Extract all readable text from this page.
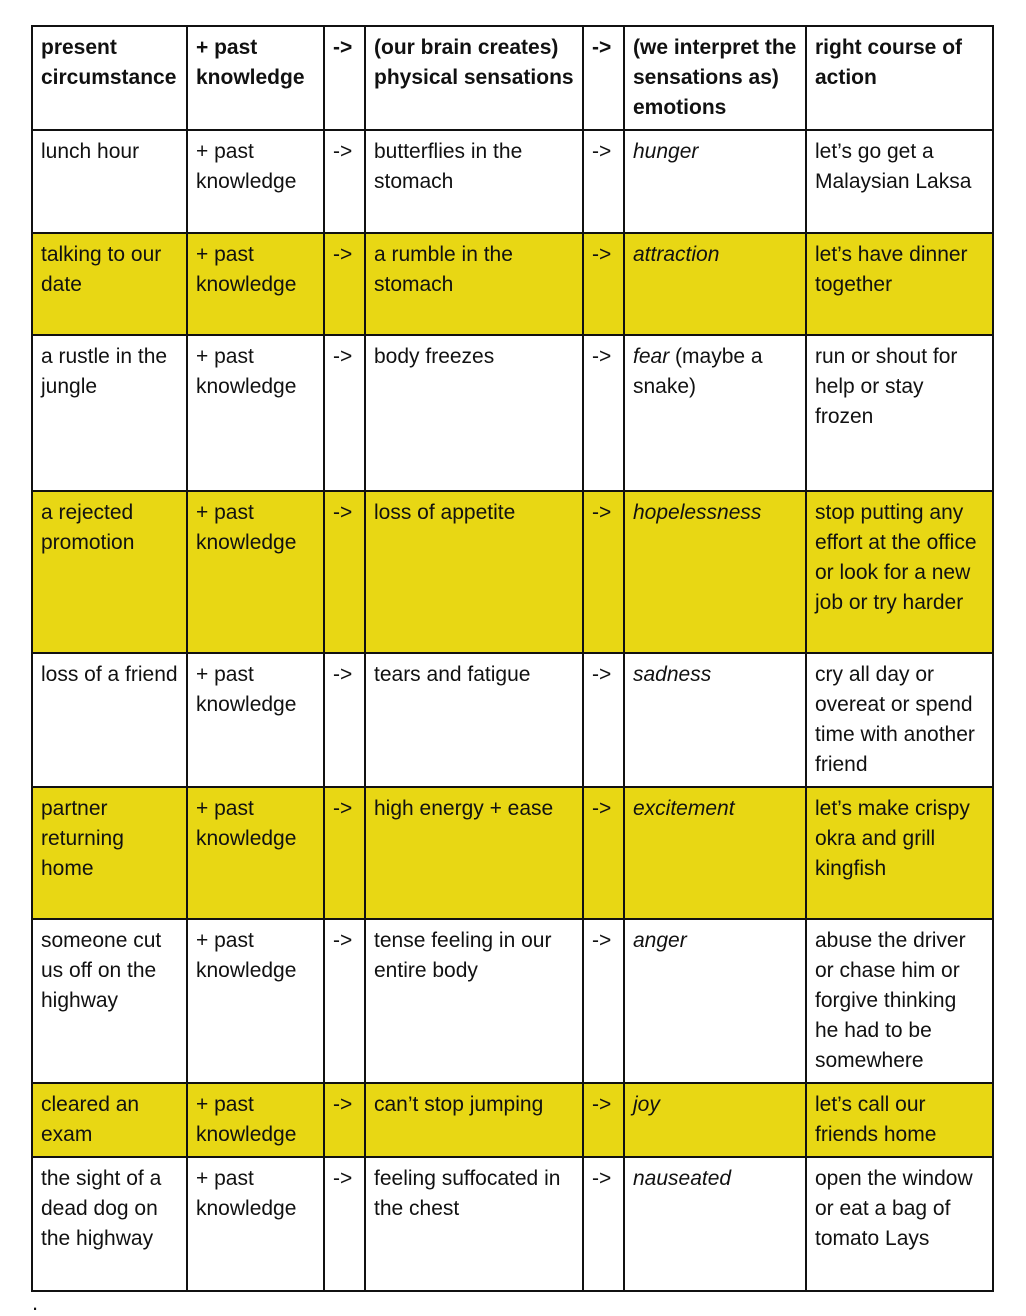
present circumstance	+ past knowledge	->	(our brain creates) physical sensations	->	(we interpret the sensations as) emotions	right course of action
lunch hour	+ past knowledge	->	butterflies in the stomach	->	hunger	let’s go get a Malaysian Laksa
talking to our date	+ past knowledge	->	a rumble in the stomach	->	attraction	let’s have dinner together
a rustle in the jungle	+ past knowledge	->	body freezes	->	fear (maybe a snake)	run or shout for help or stay frozen
a rejected promotion	+ past knowledge	->	loss of appetite	->	hopelessness	stop putting any effort at the office or look for a new job or try harder
loss of a friend	+ past knowledge	->	tears and fatigue	->	sadness	cry all day or overeat or spend time with another friend
partner returning home	+ past knowledge	->	high energy + ease	->	excitement	let’s make crispy okra and grill kingfish
someone cut us off on the highway	+ past knowledge	->	tense feeling in our entire body	->	anger	abuse the driver or chase him or forgive thinking he had to be somewhere
cleared an exam	+ past knowledge	->	can’t stop jumping	->	joy	let’s call our friends home
the sight of a dead dog on the highway	+ past knowledge	->	feeling suffocated in the chest	->	nauseated	open the window or eat a bag of tomato Lays
.
